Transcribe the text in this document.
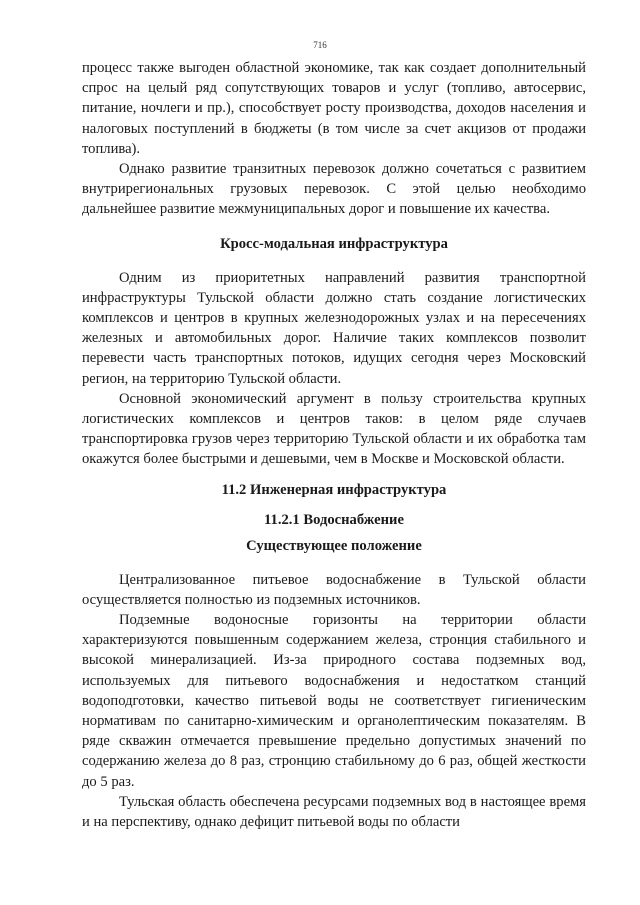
716

процесс также выгоден областной экономике, так как создает дополнительный спрос на целый ряд сопутствующих товаров и услуг (топливо, автосервис, питание, ночлеги и пр.), способствует росту производства, доходов населения и налоговых поступлений в бюджеты (в том числе за счет акцизов от продажи топлива).

Однако развитие транзитных перевозок должно сочетаться с развитием внутрирегиональных грузовых перевозок. С этой целью необходимо дальнейшее развитие межмуниципальных дорог и повышение их качества.

Кросс-модальная инфраструктура

Одним из приоритетных направлений развития транспортной инфраструктуры Тульской области должно стать создание логистических комплексов и центров в крупных железнодорожных узлах и на пересечениях железных и автомобильных дорог. Наличие таких комплексов позволит перевести часть транспортных потоков, идущих сегодня через Московский регион, на территорию Тульской области.

Основной экономический аргумент в пользу строительства крупных логистических комплексов и центров таков: в целом ряде случаев транспортировка грузов через территорию Тульской области и их обработка там окажутся более быстрыми и дешевыми, чем в Москве и Московской области.

11.2 Инженерная инфраструктура
11.2.1 Водоснабжение
Существующее положение

Централизованное питьевое водоснабжение в Тульской области осуществляется полностью из подземных источников.

Подземные водоносные горизонты на территории области характеризуются повышенным содержанием железа, стронция стабильного и высокой минерализацией. Из-за природного состава подземных вод, используемых для питьевого водоснабжения и недостатком станций водоподготовки, качество питьевой воды не соответствует гигиеническим нормативам по санитарно-химическим и органолептическим показателям. В ряде скважин отмечается превышение предельно допустимых значений по содержанию железа до 8 раз, стронцию стабильному до 6 раз, общей жесткости до 5 раз.

Тульская область обеспечена ресурсами подземных вод в настоящее время и на перспективу, однако дефицит питьевой воды по области
